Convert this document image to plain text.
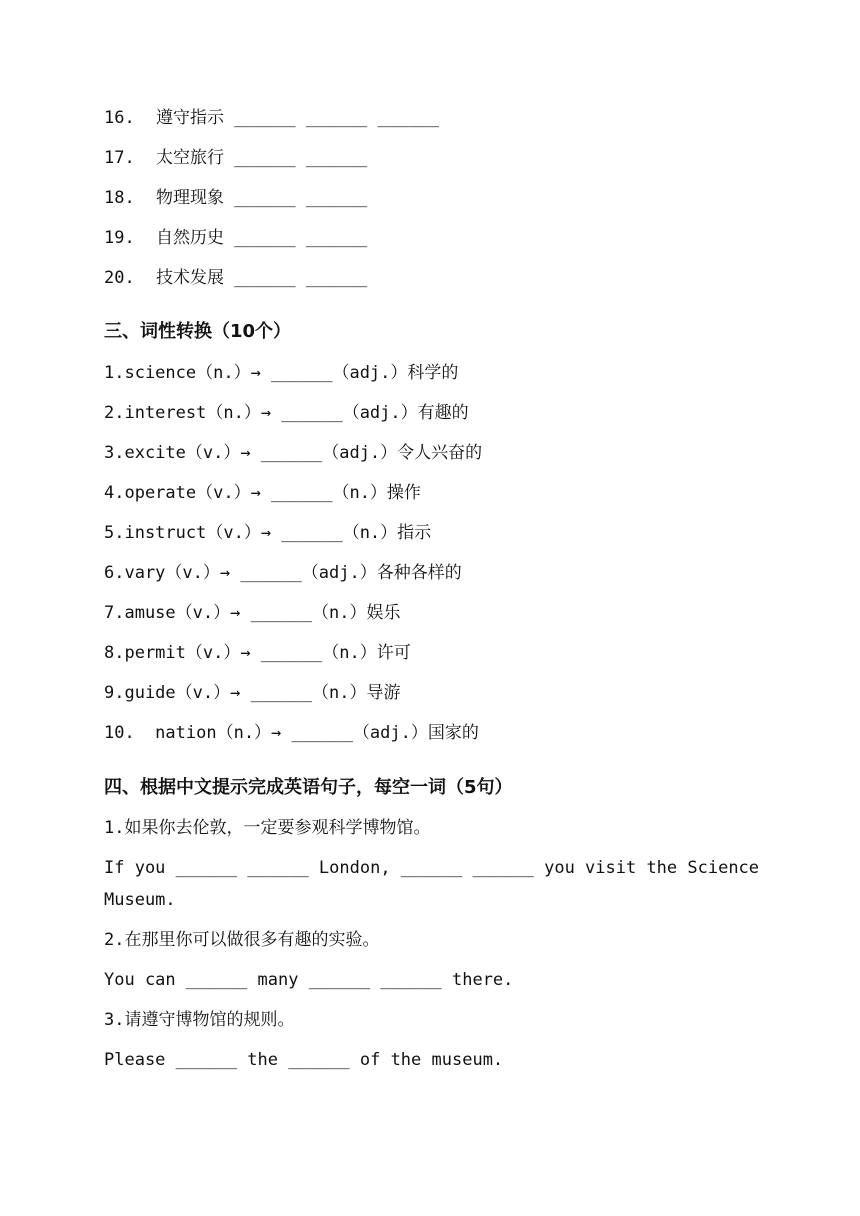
16. 遵守指示 ______ ______ ______

17. 太空旅行 ______ ______

18. 物理现象 ______ ______

19. 自然历史 ______ ______

20. 技术发展 ______ ______

三、词性转换（10个）

1.science（n.）→ ______（adj.）科学的

2.interest（n.）→ ______（adj.）有趣的

3.excite（v.）→ ______（adj.）令人兴奋的

4.operate（v.）→ ______（n.）操作

5.instruct（v.）→ ______（n.）指示

6.vary（v.）→ ______（adj.）各种各样的

7.amuse（v.）→ ______（n.）娱乐

8.permit（v.）→ ______（n.）许可

9.guide（v.）→ ______（n.）导游

10.  nation（n.）→ ______（adj.）国家的

四、根据中文提示完成英语句子，每空一词（5句）

1.如果你去伦敦，一定要参观科学博物馆。

If you ______ ______ London, ______ ______ you visit the Science Museum.

2.在那里你可以做很多有趣的实验。

You can ______ many ______ ______ there.

3.请遵守博物馆的规则。

Please ______ the ______ of the museum.
